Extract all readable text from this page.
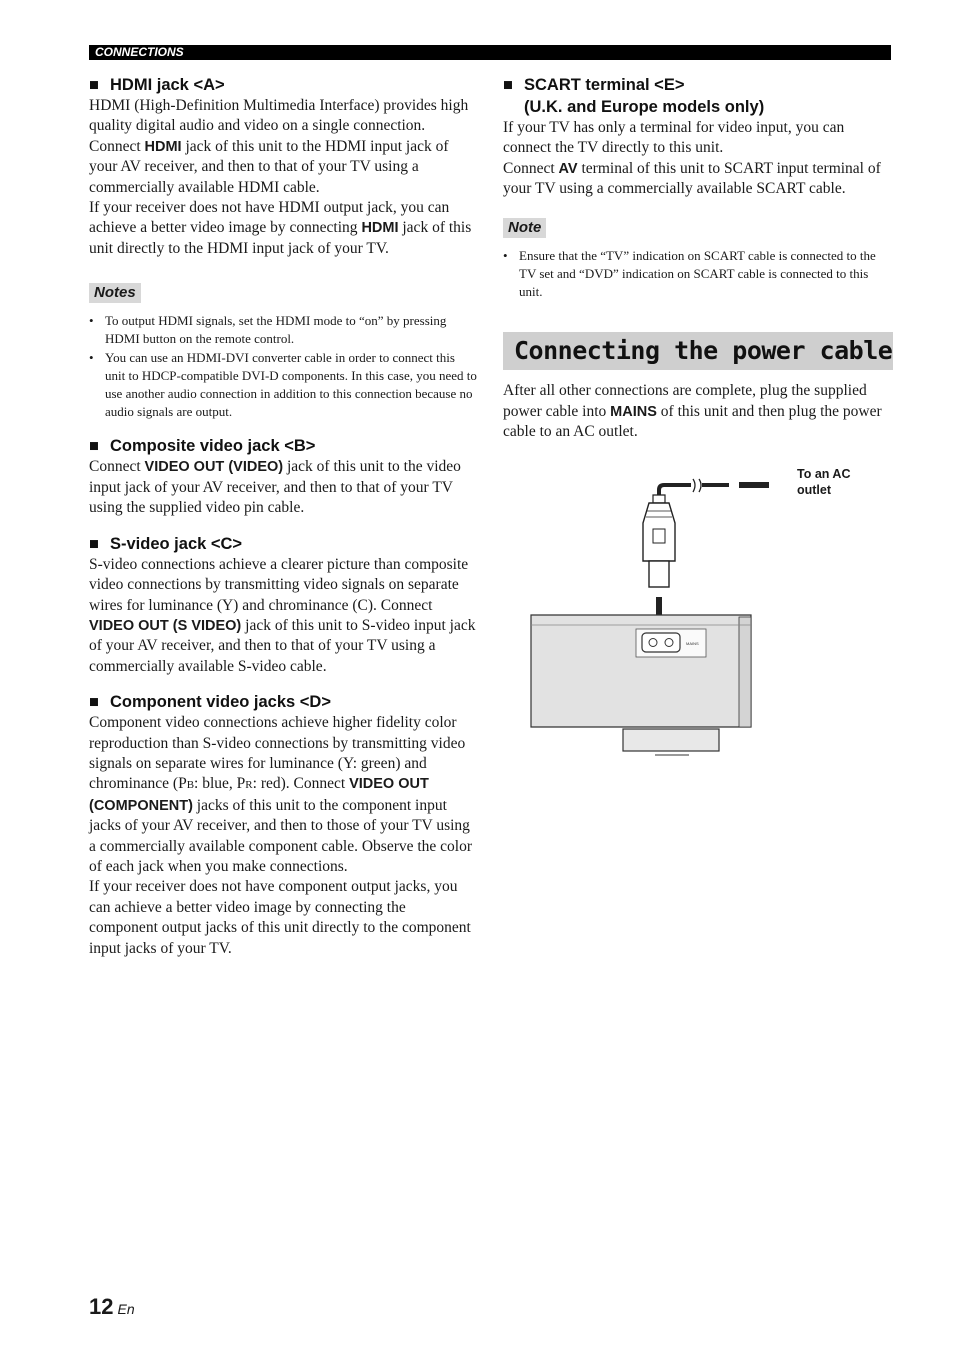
CONNECTIONS
■ HDMI jack <A>

HDMI (High-Definition Multimedia Interface) provides high quality digital audio and video on a single connection. Connect HDMI jack of this unit to the HDMI input jack of your AV receiver, and then to that of your TV using a commercially available HDMI cable.

If your receiver does not have HDMI output jack, you can achieve a better video image by connecting HDMI jack of this unit directly to the HDMI input jack of your TV.

Notes
• To output HDMI signals, set the HDMI mode to “on” by pressing HDMI button on the remote control.
• You can use an HDMI-DVI converter cable in order to connect this unit to HDCP-compatible DVI-D components. In this case, you need to use another audio connection in addition to this connection because no audio signals are output.
■ Composite video jack <B>

Connect VIDEO OUT (VIDEO) jack of this unit to the video input jack of your AV receiver, and then to that of your TV using the supplied video pin cable.

■ S-video jack <C>

S-video connections achieve a clearer picture than composite video connections by transmitting video signals on separate wires for luminance (Y) and chrominance (C). Connect VIDEO OUT (S VIDEO) jack of this unit to S-video input jack of your AV receiver, and then to that of your TV using a commercially available S-video cable.

■ Component video jacks <D>

Component video connections achieve higher fidelity color reproduction than S-video connections by transmitting video signals on separate wires for luminance (Y: green) and chrominance (PB: blue, PR: red). Connect VIDEO OUT (COMPONENT) jacks of this unit to the component input jacks of your AV receiver, and then to those of your TV using a commercially available component cable. Observe the color of each jack when you make connections.

If your receiver does not have component output jacks, you can achieve a better video image by connecting the component output jacks of this unit directly to the component input jacks of your TV.

■ SCART terminal <E>
(U.K. and Europe models only)

If your TV has only a terminal for video input, you can connect the TV directly to this unit.

Connect AV terminal of this unit to SCART input terminal of your TV using a commercially available SCART cable.

Note
• Ensure that the “TV” indication on SCART cable is connected to the TV set and “DVD” indication on SCART cable is connected to this unit.
Connecting the power cable

After all other connections are complete, plug the supplied power cable into MAINS of this unit and then plug the power cable to an AC outlet.

MAINS
To an AC outlet
12 En
